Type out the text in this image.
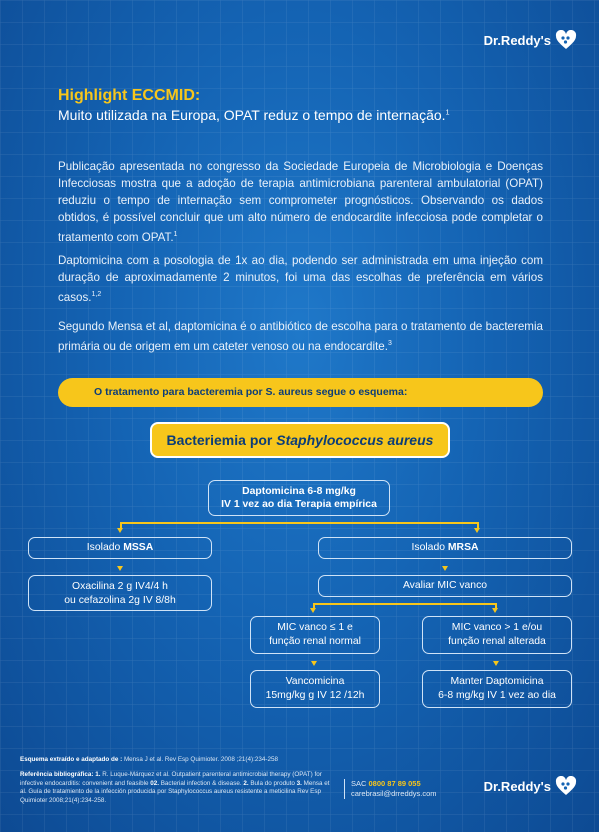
Dr.Reddy's
Highlight ECCMID:
Muito utilizada na Europa, OPAT reduz o tempo de internação.$^1$
Publicação apresentada no congresso da Sociedade Europeia de Microbiologia e Doenças Infecciosas mostra que a adoção de terapia antimicrobiana parenteral ambulatorial (OPAT) reduziu o tempo de internação sem comprometer prognósticos. Observando os dados obtidos, é possível concluir que um alto número de endocardite infecciosa pode completar o tratamento com OPAT.$^1$
Daptomicina com a posologia de 1x ao dia, podendo ser administrada em uma injeção com duração de aproximadamente 2 minutos, foi uma das escolhas de preferência em vários casos.$^{1,2}$
Segundo Mensa et al, daptomicina é o antibiótico de escolha para o tratamento de bacteremia primária ou de origem em um cateter venoso ou na endocardite.$^3$
O tratamento para bacteremia por S. aureus segue o esquema:
Bacteriemia por Staphylococcus aureus
Daptomicina 6-8 mg/kg
IV 1 vez ao dia Terapia empírica
Isolado MSSA	Isolado MRSA
Oxacilina 2 g IV4/4 h
ou cefazolina 2g IV 8/8h
Avaliar MIC vanco
MIC vanco ≤ 1 e
função renal normal
MIC vanco > 1 e/ou
função renal alterada
Vancomicina
15mg/kg g IV 12 /12h
Manter Daptomicina
6-8 mg/kg IV 1 vez ao dia
Esquema extraído e adaptado de : Mensa J et al. Rev Esp Quimioter. 2008 ;21(4):234-258
Referência bibliográfica: 1. R. Luque-Márquez et al. Outpatient parenteral antimicrobial therapy (OPAT) for infective endocarditis: convenient and feasible 02. Bacterial infection & disease. 2. Bula do produto 3. Mensa et al. Guía de tratamiento de la infección producida por Staphylococcus aureus resistente a meticilina Rev Esp Quimioter 2008;21(4):234-258.
SAC 0800 87 89 055
carebrasil@drreddys.com	Dr.Reddy's
